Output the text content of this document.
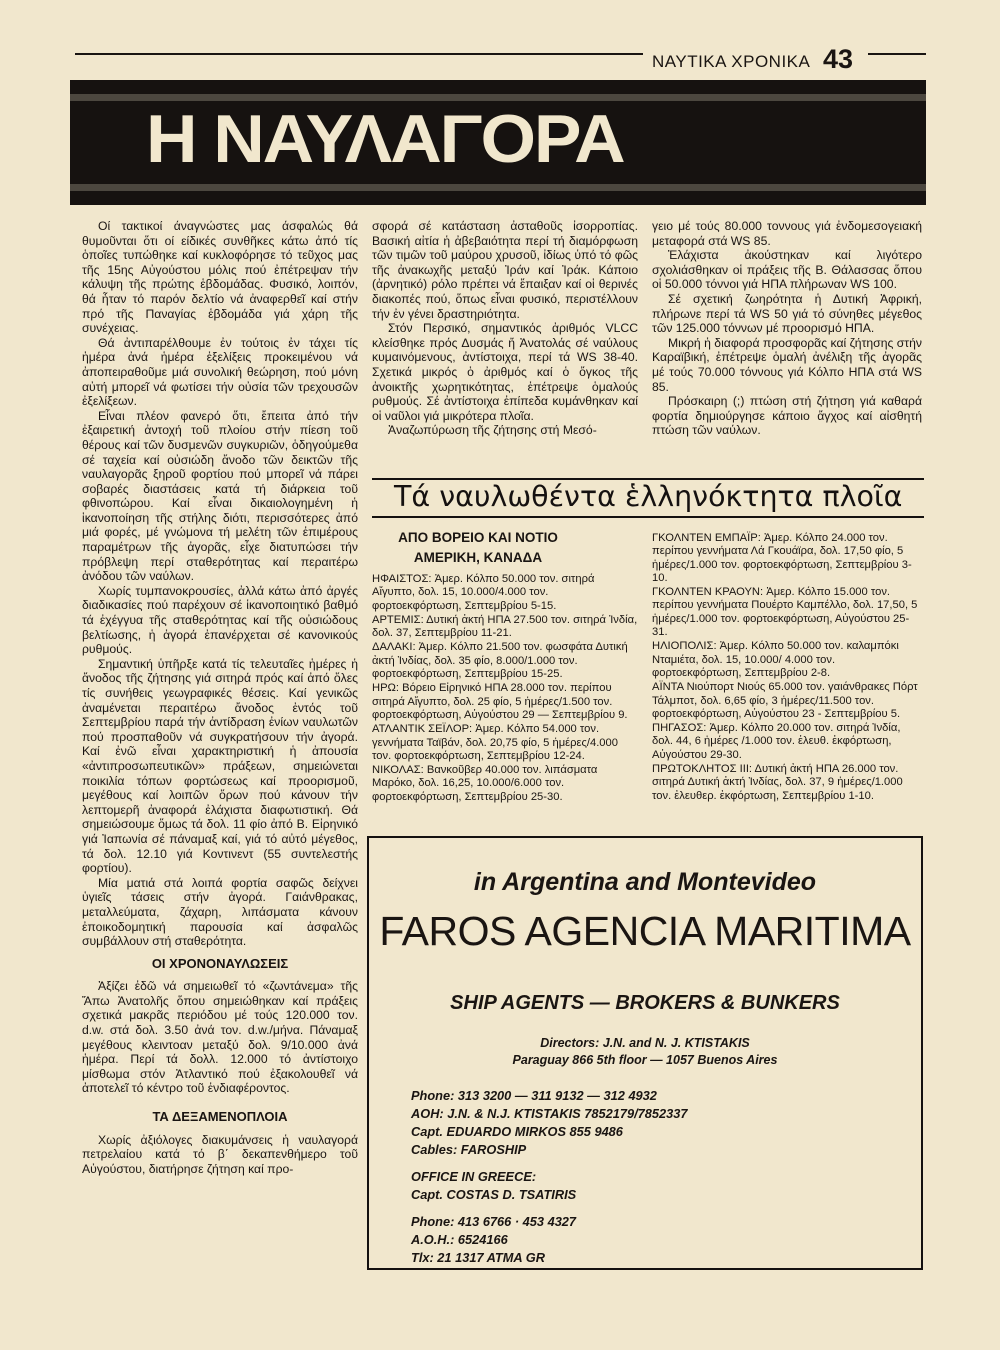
ΝΑΥΤΙΚΑ ΧΡΟΝΙΚΑ 43
Η ΝΑΥΛΑΓΟΡΑ

Οί τακτικοί άναγνώστες μας άσφαλώς θά θυμοῦνται ὅτι οί είδικές συνθῆκες κάτω ἀπό τίς ὁποῖες τυπώθηκε καί κυκλοφόρησε τό τεῦχος μας τῆς 15ης Αὐγούστου μόλις πού ἐπέτρεψαν τήν κάλυψη τῆς πρώτης ἑβδομάδας. Φυσικό, λοιπόν, θά ἦταν τό παρόν δελτίο νά ἀναφερθεῖ καί στήν πρό τῆς Παναγίας ἑβδομάδα γιά χάρη τῆς συνέχειας.

Θά ἀντιπαρέλθουμε ἐν τούτοις ἐν τάχει τίς ἡμέρα ἀνά ἡμέρα ἐξελίξεις προκειμένου νά ἀποπειραθοῦμε μιά συνολική θεώρηση, πού μόνη αὐτή μπορεῖ νά φωτίσει τήν οὐσία τῶν τρεχουσῶν ἐξελίξεων.

Εἶναι πλέον φανερό ὅτι, ἔπειτα ἀπό τήν ἐξαιρετική ἀντοχή τοῦ πλοίου στήν πίεση τοῦ θέρους καί τῶν δυσμενῶν συγκυριῶν, ὁδηγούμεθα σέ ταχεία καί οὐσιώδη ἄνοδο τῶν δεικτῶν τῆς ναυλαγορᾶς ξηροῦ φορτίου πού μπορεῖ νά πάρει σοβαρές διαστάσεις κατά τή διάρκεια τοῦ φθινοπώρου. Καί εἶναι δικαιολογημένη ἡ ἱκανοποίηση τῆς στήλης διότι, περισσότερες ἀπό μιά φορές, μέ γνώμονα τή μελέτη τῶν ἐπιμέρους παραμέτρων τῆς ἀγορᾶς, εἶχε διατυπώσει τήν πρόβλεψη περί σταθερότητας καί περαιτέρω ἀνόδου τῶν ναύλων.

Χωρίς τυμπανοκρουσίες, ἀλλά κάτω ἀπό ἀργές διαδικασίες πού παρέχουν σέ ἱκανοποιητικό βαθμό τά ἐχέγγυα τῆς σταθερότητας καί τῆς οὐσιώδους βελτίωσης, ἡ ἀγορά ἐπανέρχεται σέ κανονικούς ρυθμούς.

Σημαντική ὑπῆρξε κατά τίς τελευταῖες ἡμέρες ἡ ἄνοδος τῆς ζήτησης γιά σιτηρά πρός καί ἀπό ὅλες τίς συνήθεις γεωγραφικές θέσεις. Καί γενικῶς ἀναμένεται περαιτέρω ἄνοδος ἐντός τοῦ Σεπτεμβρίου παρά τήν ἀντίδραση ἐνίων ναυλωτῶν πού προσπαθοῦν νά συγκρατήσουν τήν ἀγορά. Καί ἐνῶ εἶναι χαρακτηριστική ἡ ἀπουσία «ἀντιπροσωπευτικῶν» πράξεων, σημειώνεται ποικιλία τόπων φορτώσεως καί προορισμοῦ, μεγέθους καί λοιπῶν ὅρων πού κάνουν τήν λεπτομερῆ ἀναφορά ἐλάχιστα διαφωτιστική. Θά σημειώσουμε ὅμως τά δολ. 11 φίο ἀπό Β. Εἰρηνικό γιά Ἰαπωνία σέ πάναμαξ καί, γιά τό αὐτό μέγεθος, τά δολ. 12.10 γιά Κοντινεντ (55 συντελεστής φορτίου).

Μία ματιά στά λοιπά φορτία σαφῶς δείχνει ὑγιεῖς τάσεις στήν ἀγορά. Γαιάνθρακας, μεταλλεύματα, ζάχαρη, λιπάσματα κάνουν ἐποικοδομητική παρουσία καί ἀσφαλῶς συμβάλλουν στή σταθερότητα.

ΟΙ ΧΡΟΝΟΝΑΥΛΩΣΕΙΣ

Ἀξίζει ἐδῶ νά σημειωθεῖ τό «ζωντάνεμα» τῆς Ἄπω Ἀνατολῆς ὅπου σημειώθηκαν καί πράξεις σχετικά μακρᾶς περιόδου μέ τούς 120.000 τον. d.w. στά δολ. 3.50 ἀνά τον. d.w./μήνα. Πάναμαξ μεγέθους κλειντοαν μεταξύ δολ. 9/10.000 ἀνά ἡμέρα. Περί τά δολλ. 12.000 τό ἀντίστοιχο μίσθωμα στόν Ἀτλαντικό πού ἐξακολουθεῖ νά ἀποτελεῖ τό κέντρο τοῦ ἐνδιαφέροντος.

ΤΑ ΔΕΞΑΜΕΝΟΠΛΟΙΑ

Χωρίς ἀξιόλογες διακυμάνσεις ἡ ναυλαγορά πετρελαίου κατά τό β΄ δεκαπενθήμερο τοῦ Αὐγούστου, διατήρησε ζήτηση καί προ-

σφορά σέ κατάσταση ἀσταθοῦς ἰσορροπίας. Βασική αἰτία ἡ ἀβεβαιότητα περί τή διαμόρφωση τῶν τιμῶν τοῦ μαύρου χρυσοῦ, ἰδίως ὑπό τό φῶς τῆς ἀνακωχῆς μεταξύ Ἰράν καί Ἰράκ. Κάποιο (ἀρνητικό) ρόλο πρέπει νά ἔπαιξαν καί οἱ θερινές διακοπές πού, ὅπως εἶναι φυσικό, περιστέλλουν τήν ἐν γένει δραστηριότητα.

Στόν Περσικό, σημαντικός ἀριθμός VLCC κλείσθηκε πρός Δυσμάς ἤ Ἀνατολάς σέ ναύλους κυμαινόμενους, ἀντίστοιχα, περί τά WS 38-40. Σχετικά μικρός ὁ ἀριθμός καί ὁ ὄγκος τῆς ἀνοικτῆς χωρητικότητας, ἐπέτρεψε ὁμαλούς ρυθμούς. Σέ ἀντίστοιχα ἐπίπεδα κυμάνθηκαν καί οἱ ναῦλοι γιά μικρότερα πλοῖα.

Ἀναζωπύρωση τῆς ζήτησης στή Μεσό-

γειο μέ τούς 80.000 τοννους γιά ἐνδομεσογειακή μεταφορά στά WS 85.

Ἐλάχιστα ἀκούστηκαν καί λιγότερο σχολιάσθηκαν οἱ πράξεις τῆς Β. Θάλασσας ὅπου οἱ 50.000 τόννοι γιά ΗΠΑ πλήρωναν WS 100.

Σέ σχετική ζωηρότητα ἡ Δυτική Ἀφρική, πλήρωνε περί τά WS 50 γιά τό σύνηθες μέγεθος τῶν 125.000 τόννων μέ προορισμό ΗΠΑ.

Μικρή ἡ διαφορά προσφορᾶς καί ζήτησης στήν Καραϊβική, ἐπέτρεψε ὁμαλή ἀνέλιξη τῆς ἀγορᾶς μέ τούς 70.000 τόννους γιά Κόλπο ΗΠΑ στά WS 85.

Πρόσκαιρη (;) πτώση στή ζήτηση γιά καθαρά φορτία δημιούργησε κάποιο ἄγχος καί αἰσθητή πτώση τῶν ναύλων.

Τά ναυλωθέντα ἑλληνόκτητα πλοῖα
ΑΠΟ ΒΟΡΕΙΟ ΚΑΙ ΝΟΤΙΟ ΑΜΕΡΙΚΗ, ΚΑΝΑΔΑ
ΗΦΑΙΣΤΟΣ: Ἀμερ. Κόλπο 50.000 τον. σιτηρά Αἴγυπτο, δολ. 15, 10.000/4.000 τον. φορτοεκφόρτωση, Σεπτεμβρίου 5-15.
ΑΡΤΕΜΙΣ: Δυτική ἀκτή ΗΠΑ 27.500 τον. σιτηρά Ἰνδία, δολ. 37, Σεπτεμβρίου 11-21.
ΔΑΛΑΚΙ: Ἀμερ. Κόλπο 21.500 τον. φωσφάτα Δυτική ἀκτή Ἰνδίας, δολ. 35 φίο, 8.000/1.000 τον. φορτοεκφόρτωση, Σεπτεμβρίου 15-25.
ΗΡΩ: Βόρειο Εἰρηνικό ΗΠΑ 28.000 τον. περίπου σιτηρά Αἴγυπτο, δολ. 25 φίο, 5 ἡμέρες/1.500 τον. φορτοεκφόρτωση, Αὐγούστου 29 — Σεπτεμβρίου 9.
ΑΤΛΑΝΤΙΚ ΣΕΪΛΟΡ: Ἀμερ. Κόλπο 54.000 τον. γεννήματα Ταϊβάν, δολ. 20,75 φίο, 5 ἡμέρες/4.000 τον. φορτοεκφόρτωση, Σεπτεμβρίου 12-24.
ΝΙΚΟΛΑΣ: Βανκοῦβερ 40.000 τον. λιπάσματα Μαρόκο, δολ. 16,25, 10.000/6.000 τον. φορτοεκφόρτωση, Σεπτεμβρίου 25-30.
ΓΚΟΛΝΤΕΝ ΕΜΠΑΪΡ: Ἀμερ. Κόλπο 24.000 τον. περίπου γεννήματα Λά Γκουάϊρα, δολ. 17,50 φίο, 5 ἡμέρες/1.000 τον. φορτοεκφόρτωση, Σεπτεμβρίου 3-10.
ΓΚΟΛΝΤΕΝ ΚΡΑΟΥΝ: Ἀμερ. Κόλπο 15.000 τον. περίπου γεννήματα Πουέρτο Καμπέλλο, δολ. 17,50, 5 ἡμέρες/1.000 τον. φορτοεκφόρτωση, Αὐγούστου 25-31.
ΗΛΙΟΠΟΛΙΣ: Ἀμερ. Κόλπο 50.000 τον. καλαμπόκι Νταμιέτα, δολ. 15, 10.000/ 4.000 τον. φορτοεκφόρτωση, Σεπτεμβρίου 2-8.
ΑΪΝΤΑ Νιούπορτ Νιούς 65.000 τον. γαιάνθρακες Πόρτ Τάλμποτ, δολ. 6,65 φίο, 3 ἡμέρες/11.500 τον. φορτοεκφόρτωση, Αὐγούστου 23 - Σεπτεμβρίου 5.
ΠΗΓΑΣΟΣ: Ἀμερ. Κόλπο 20.000 τον. σιτηρά Ἰνδία, δολ. 44, 6 ἡμέρες /1.000 τον. ἐλευθ. ἐκφόρτωση, Αὐγούστου 29-30.
ΠΡΩΤΟΚΛΗΤΟΣ ΙΙΙ: Δυτική ἀκτή ΗΠΑ 26.000 τον. σιτηρά Δυτική ἀκτή Ἰνδίας, δολ. 37, 9 ἡμέρες/1.000 τον. ἐλευθερ. ἐκφόρτωση, Σεπτεμβρίου 1-10.
in Argentina and Montevideo
FAROS AGENCIA MARITIMA
SHIP AGENTS — BROKERS & BUNKERS
Directors: J.N. and N. J. KTISTAKIS
Paraguay 866 5th floor — 1057 Buenos Aires
Phone: 313 3200 — 311 9132 — 312 4932
AOH: J.N. & N.J. KTISTAKIS 7852179/7852337
Capt. EDUARDO MIRKOS 855 9486
Cables: FAROSHIP
OFFICE IN GREECE:
Capt. COSTAS D. TSATIRIS
Phone: 413 6766 · 453 4327
A.O.H.: 6524166
Tlx: 21 1317 ATMA GR
